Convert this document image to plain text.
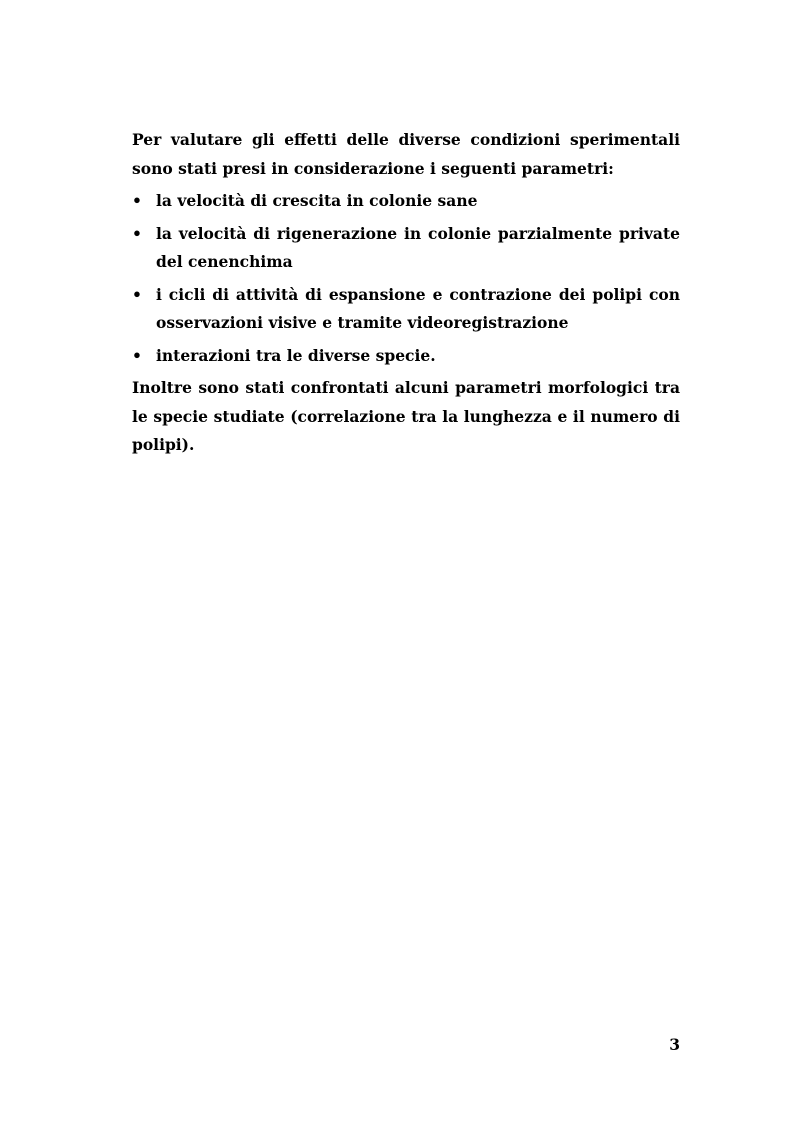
Per valutare gli effetti delle diverse condizioni sperimentali sono stati presi in considerazione i seguenti parametri:

• la velocità di crescita in colonie sane
• la velocità di rigenerazione in colonie parzialmente private del cenenchima
• i cicli di attività di espansione e contrazione dei polipi con osservazioni visive e tramite videoregistrazione
• interazioni tra le diverse specie.

Inoltre sono stati confrontati alcuni parametri morfologici tra le specie studiate (correlazione tra la lunghezza e il numero di polipi).

3
